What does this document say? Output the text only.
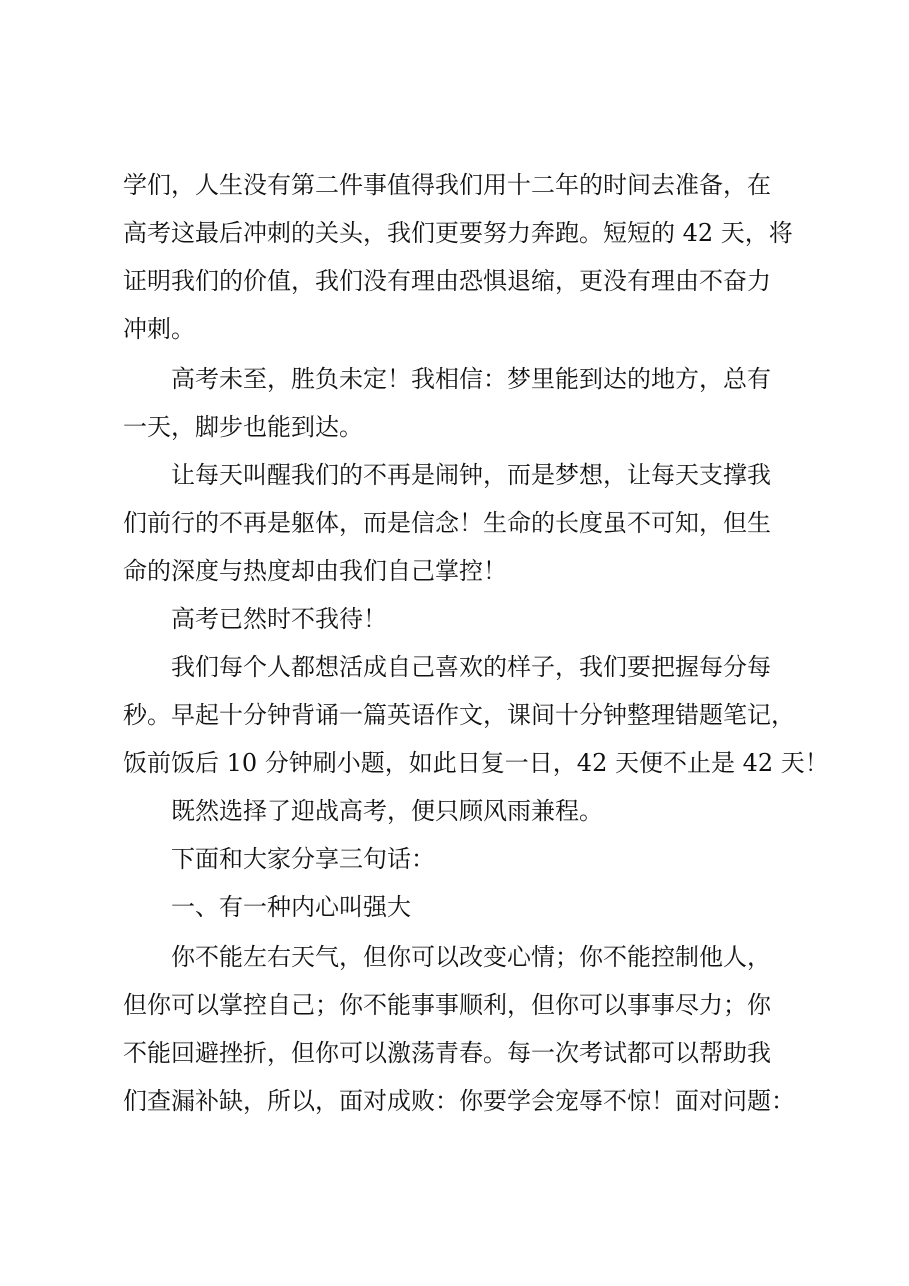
学们，人生没有第二件事值得我们用十二年的时间去准备，在
高考这最后冲刺的关头，我们更要努力奔跑。短短的 42 天，将
证明我们的价值，我们没有理由恐惧退缩，更没有理由不奋力
冲刺。
高考未至，胜负未定！我相信：梦里能到达的地方，总有
一天，脚步也能到达。
让每天叫醒我们的不再是闹钟，而是梦想，让每天支撑我
们前行的不再是躯体，而是信念！生命的长度虽不可知，但生
命的深度与热度却由我们自己掌控！
高考已然时不我待！
我们每个人都想活成自己喜欢的样子，我们要把握每分每
秒。早起十分钟背诵一篇英语作文，课间十分钟整理错题笔记，
饭前饭后 10 分钟刷小题，如此日复一日，42 天便不止是 42 天！
既然选择了迎战高考，便只顾风雨兼程。
下面和大家分享三句话：
一、有一种内心叫强大
你不能左右天气，但你可以改变心情；你不能控制他人，
但你可以掌控自己；你不能事事顺利，但你可以事事尽力；你
不能回避挫折，但你可以激荡青春。每一次考试都可以帮助我
们查漏补缺，所以，面对成败：你要学会宠辱不惊！面对问题：
